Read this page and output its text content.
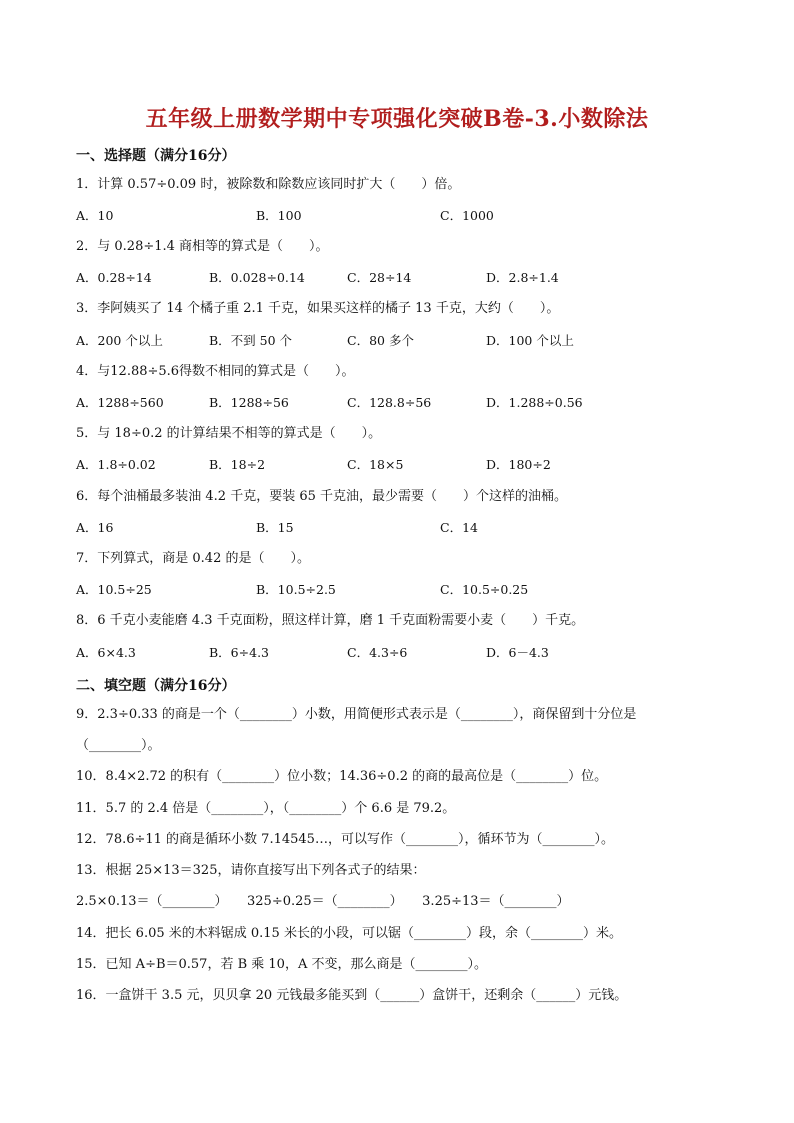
五年级上册数学期中专项强化突破B卷-3.小数除法
一、选择题（满分16分）
1．计算 0.57÷0.09 时，被除数和除数应该同时扩大（　　）倍。
A．10	B．100	C．1000
2．与 0.28÷1.4 商相等的算式是（　　）。
A．0.28÷14	B．0.028÷0.14	C．28÷14	D．2.8÷1.4
3．李阿姨买了 14 个橘子重 2.1 千克，如果买这样的橘子 13 千克，大约（　　）。
A．200 个以上	B．不到 50 个	C．80 多个	D．100 个以上
4．与12.88÷5.6得数不相同的算式是（　　）。
A．1288÷560	B．1288÷56	C．128.8÷56	D．1.288÷0.56
5．与 18÷0.2 的计算结果不相等的算式是（　　）。
A．1.8÷0.02	B．18÷2	C．18×5	D．180÷2
6．每个油桶最多装油 4.2 千克，要装 65 千克油，最少需要（　　）个这样的油桶。
A．16	B．15	C．14
7．下列算式，商是 0.42 的是（　　）。
A．10.5÷25	B．10.5÷2.5	C．10.5÷0.25
8．6 千克小麦能磨 4.3 千克面粉，照这样计算，磨 1 千克面粉需要小麦（　　）千克。
A．6×4.3	B．6÷4.3	C．4.3÷6	D．6－4.3
二、填空题（满分16分）
9．2.3÷0.33 的商是一个（________）小数，用简便形式表示是（________），商保留到十分位是
（________）。
10．8.4×2.72 的积有（________）位小数；14.36÷0.2 的商的最高位是（________）位。
11．5.7 的 2.4 倍是（________），（________）个 6.6 是 79.2。
12．78.6÷11 的商是循环小数 7.14545…，可以写作（________），循环节为（________）。
13．根据 25×13＝325，请你直接写出下列各式子的结果：
2.5×0.13＝（________）　　325÷0.25＝（________）　　3.25÷13＝（________）
14．把长 6.05 米的木料锯成 0.15 米长的小段，可以锯（________）段，余（________）米。
15．已知 A÷B＝0.57，若 B 乘 10，A 不变，那么商是（________）。
16．一盒饼干 3.5 元，贝贝拿 20 元钱最多能买到（______）盒饼干，还剩余（______）元钱。
